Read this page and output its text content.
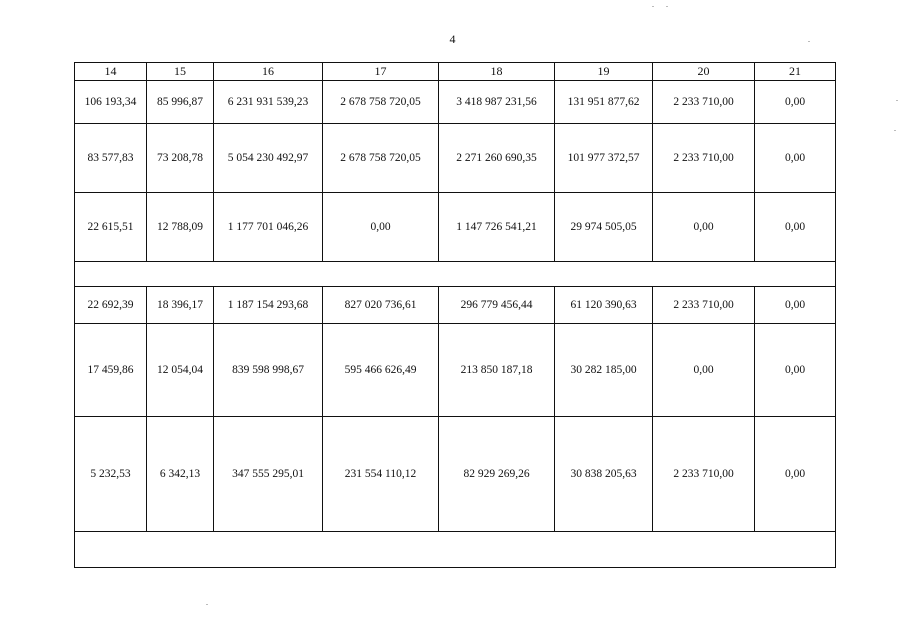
4
14	15	16	17	18	19	20	21
106 193,34	85 996,87	6 231 931 539,23	2 678 758 720,05	3 418 987 231,56	131 951 877,62	2 233 710,00	0,00
83 577,83	73 208,78	5 054 230 492,97	2 678 758 720,05	2 271 260 690,35	101 977 372,57	2 233 710,00	0,00
22 615,51	12 788,09	1 177 701 046,26	0,00	1 147 726 541,21	29 974 505,05	0,00	0,00

22 692,39	18 396,17	1 187 154 293,68	827 020 736,61	296 779 456,44	61 120 390,63	2 233 710,00	0,00
17 459,86	12 054,04	839 598 998,67	595 466 626,49	213 850 187,18	30 282 185,00	0,00	0,00
5 232,53	6 342,13	347 555 295,01	231 554 110,12	82 929 269,26	30 838 205,63	2 233 710,00	0,00
